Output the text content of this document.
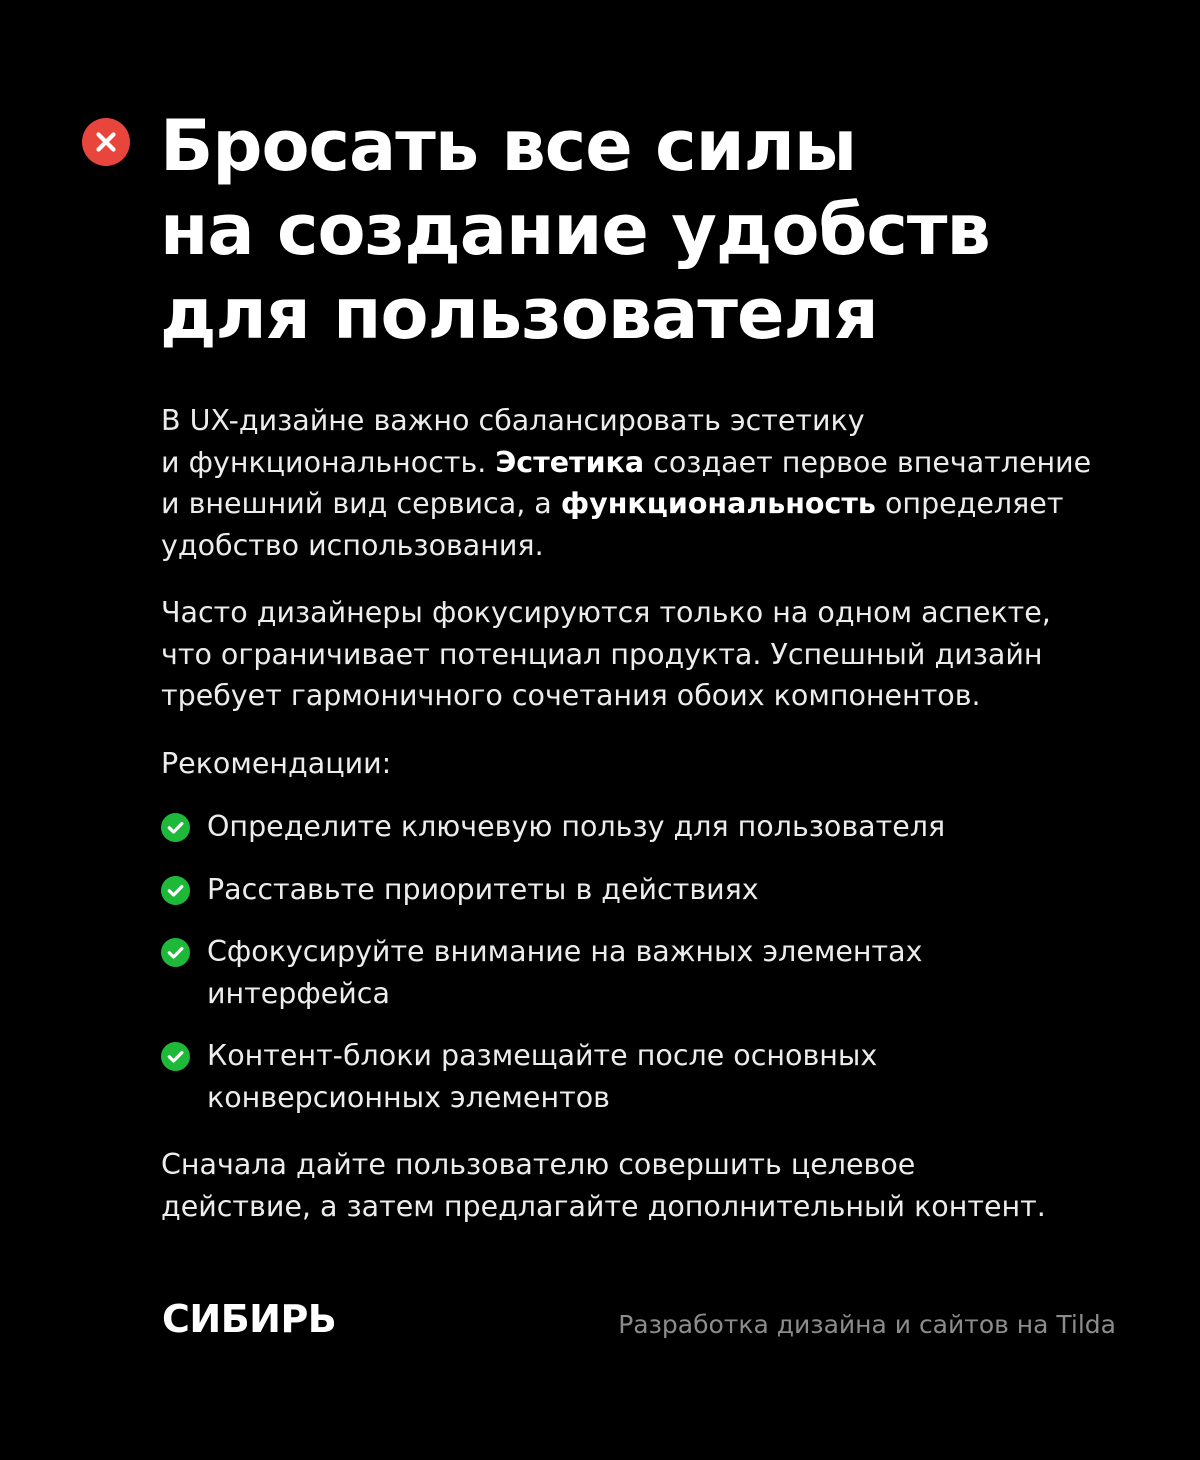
Бросать все силы
на создание удобств
для пользователя

В UX-дизайне важно сбалансировать эстетику

и функциональность. Эстетика создает первое впечатление

и внешний вид сервиса, а функциональность определяет

удобство использования.

Часто дизайнеры фокусируются только на одном аспекте,

что ограничивает потенциал продукта. Успешный дизайн

требует гармоничного сочетания обоих компонентов.

Рекомендации:

Определите ключевую пользу для пользователя
Расставьте приоритеты в действиях
Сфокусируйте внимание на важных элементах
интерфейса
Контент-блоки размещайте после основных
конверсионных элементов

Сначала дайте пользователю совершить целевое

действие, а затем предлагайте дополнительный контент.

СИБИРЬ	Разработка дизайна и сайтов на Tilda
